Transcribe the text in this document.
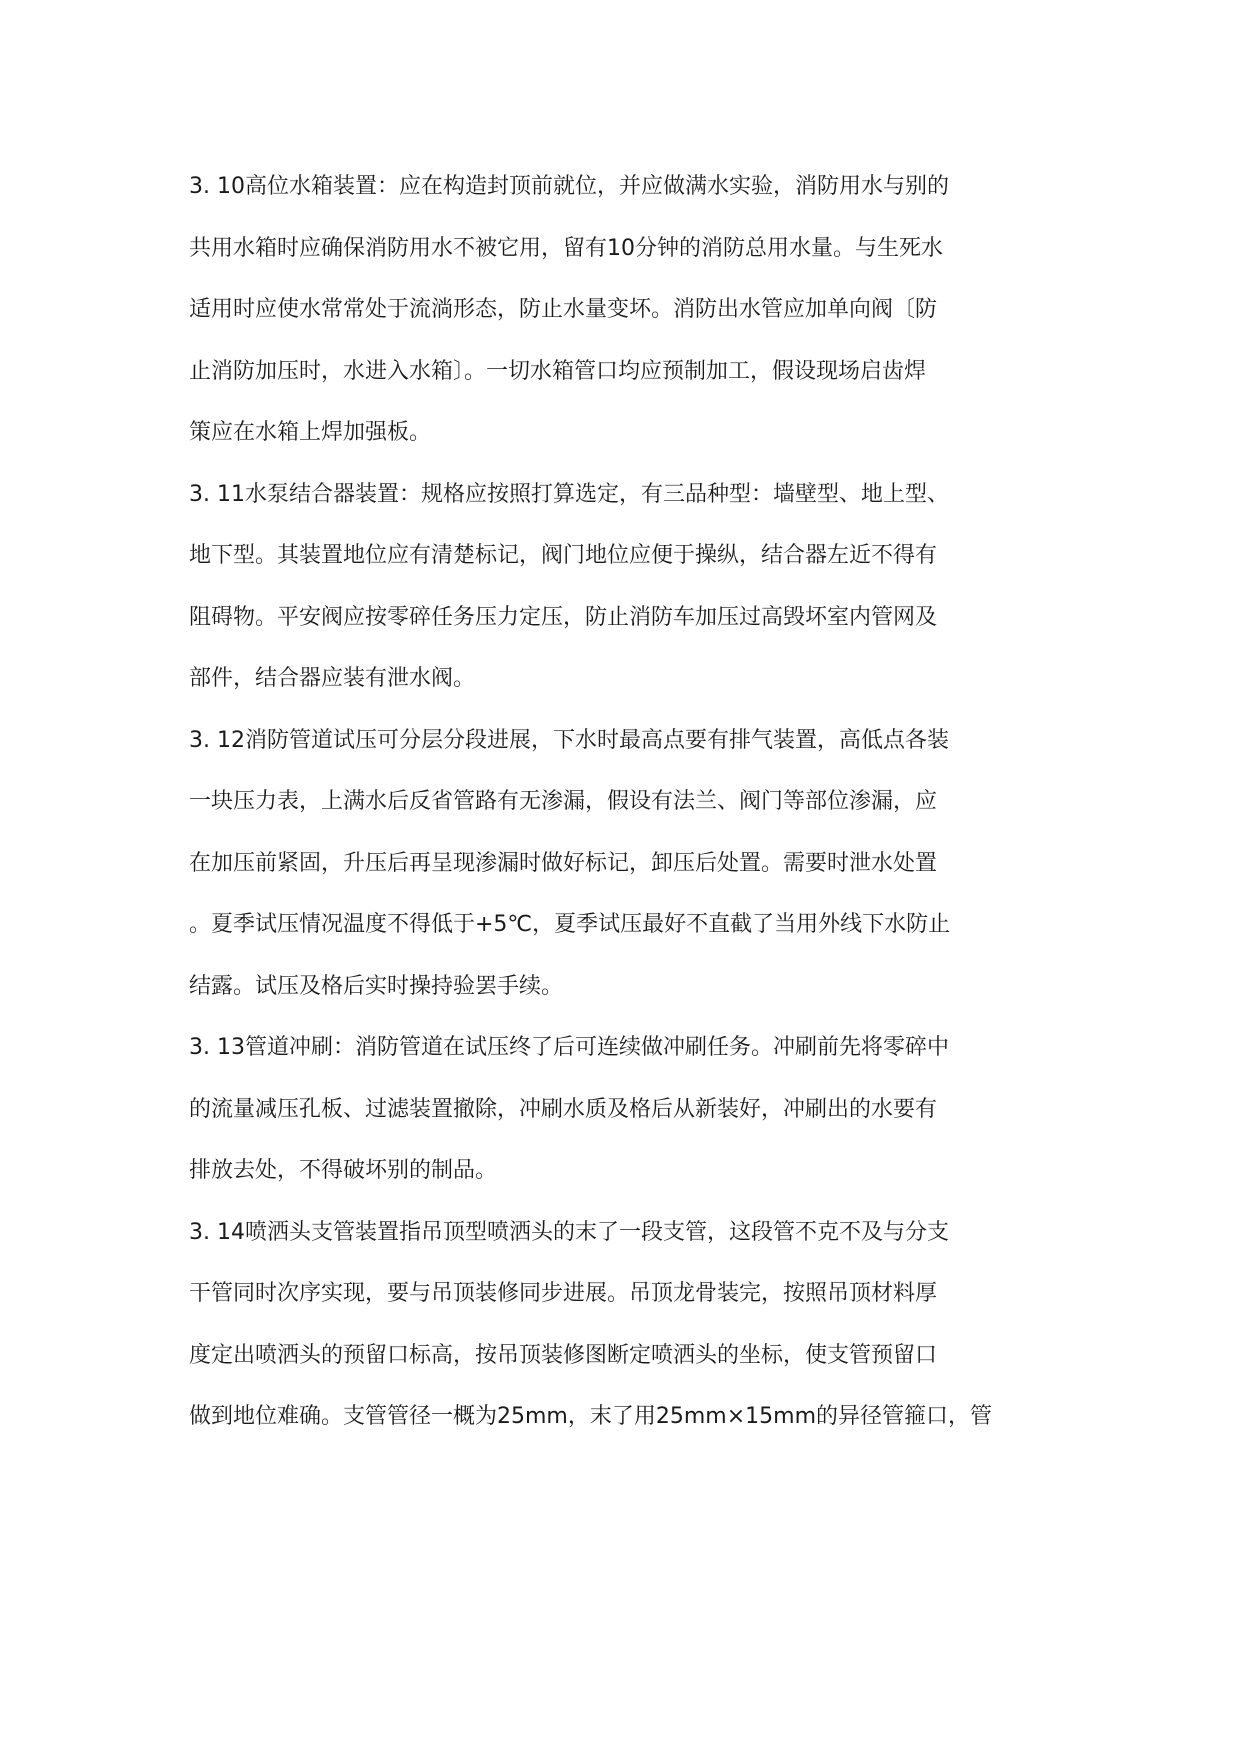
3. 10高位水箱装置：应在构造封顶前就位，并应做满水实验，消防用水与别的
共用水箱时应确保消防用水不被它用，留有10分钟的消防总用水量。与生死水
适用时应使水常常处于流淌形态，防止水量变坏。消防出水管应加单向阀〔防
止消防加压时，水进入水箱〕。一切水箱管口均应预制加工，假设现场启齿焊
策应在水箱上焊加强板。
3. 11水泵结合器装置：规格应按照打算选定，有三品种型：墙壁型、地上型、
地下型。其装置地位应有清楚标记，阀门地位应便于操纵，结合器左近不得有
阻碍物。平安阀应按零碎任务压力定压，防止消防车加压过高毁坏室内管网及
部件，结合器应装有泄水阀。
3. 12消防管道试压可分层分段进展，下水时最高点要有排气装置，高低点各装
一块压力表，上满水后反省管路有无渗漏，假设有法兰、阀门等部位渗漏，应
在加压前紧固，升压后再呈现渗漏时做好标记，卸压后处置。需要时泄水处置
。夏季试压情况温度不得低于+5℃，夏季试压最好不直截了当用外线下水防止
结露。试压及格后实时操持验罢手续。
3. 13管道冲刷：消防管道在试压终了后可连续做冲刷任务。冲刷前先将零碎中
的流量减压孔板、过滤装置撤除，冲刷水质及格后从新装好，冲刷出的水要有
排放去处，不得破坏别的制品。
3. 14喷洒头支管装置指吊顶型喷洒头的末了一段支管，这段管不克不及与分支
干管同时次序实现，要与吊顶装修同步进展。吊顶龙骨装完，按照吊顶材料厚
度定出喷洒头的预留口标高，按吊顶装修图断定喷洒头的坐标，使支管预留口
做到地位难确。支管管径一概为25mm，末了用25mm×15mm的异径管箍口，管
